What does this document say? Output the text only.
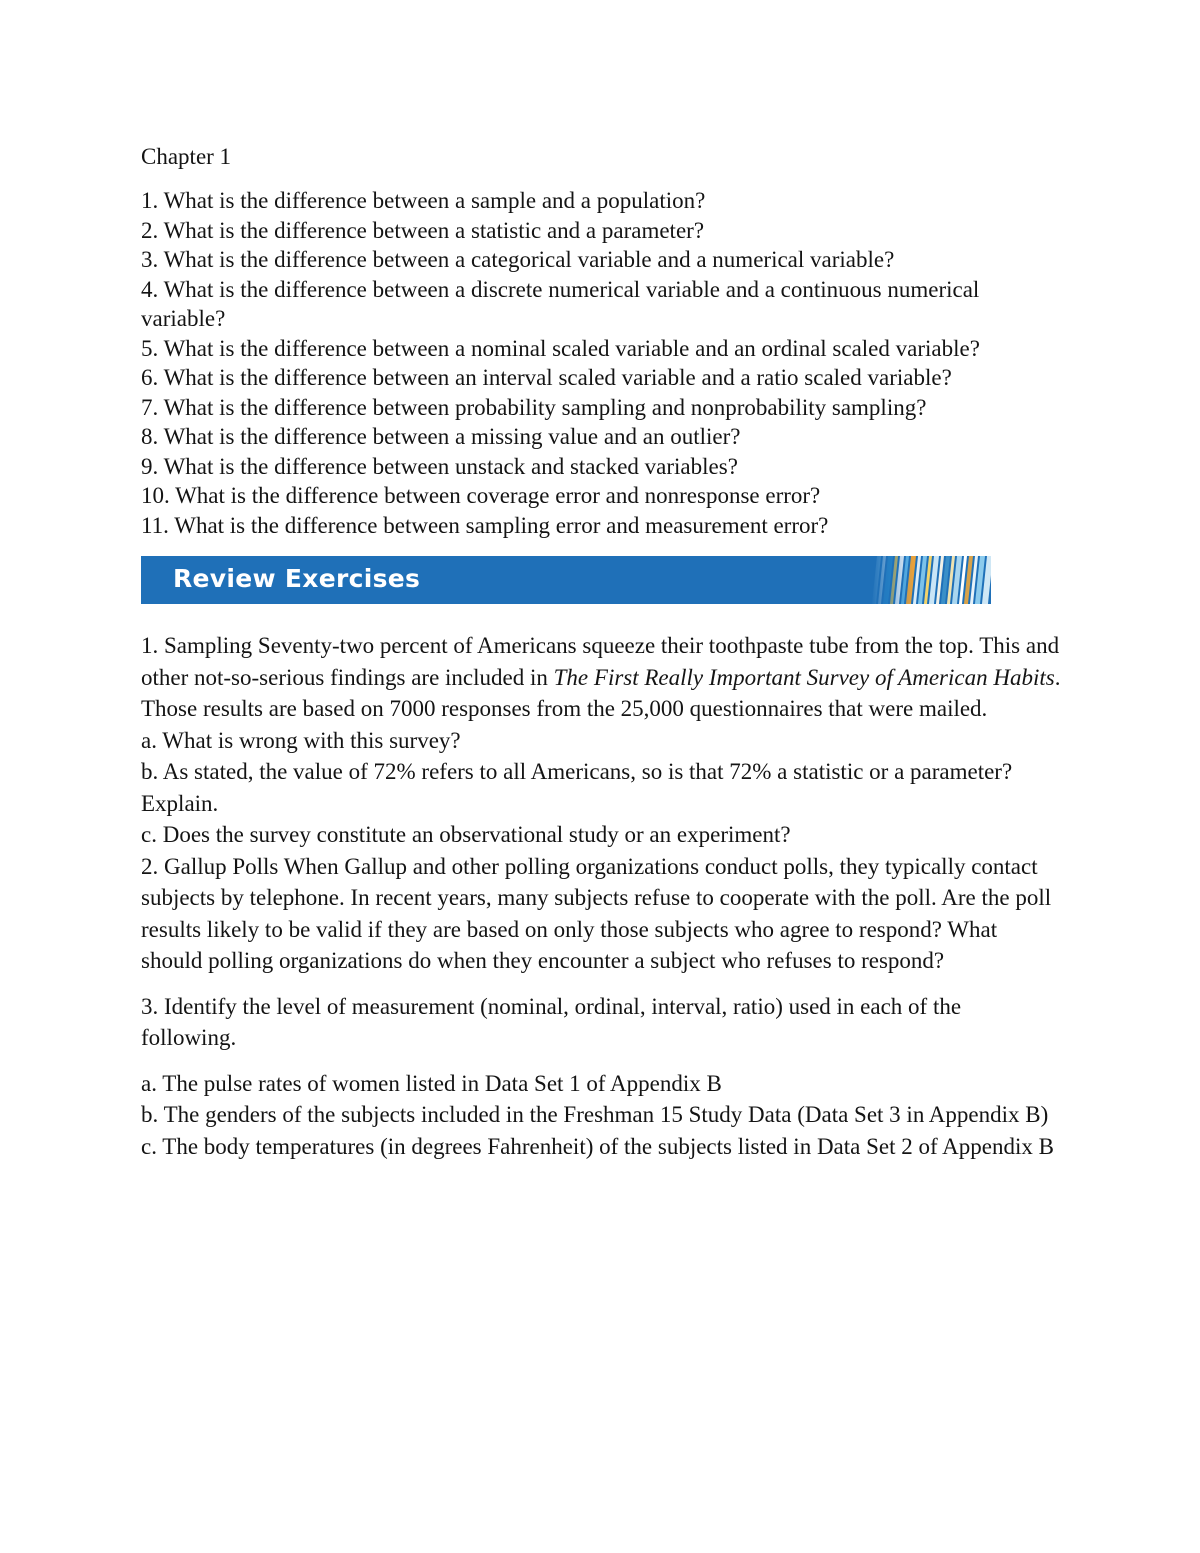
Chapter 1

1. What is the difference between a sample and a population?

2. What is the difference between a statistic and a parameter?

3. What is the difference between a categorical variable and a numerical variable?

4. What is the difference between a discrete numerical variable and a continuous numerical variable?

5. What is the difference between a nominal scaled variable and an ordinal scaled variable?

6. What is the difference between an interval scaled variable and a ratio scaled variable?

7. What is the difference between probability sampling and nonprobability sampling?

8. What is the difference between a missing value and an outlier?

9. What is the difference between unstack and stacked variables?

10. What is the difference between coverage error and nonresponse error?

11. What is the difference between sampling error and measurement error?

Review Exercises

1. Sampling Seventy-two percent of Americans squeeze their toothpaste tube from the top. This and other not-so-serious findings are included in The First Really Important Survey of American Habits. Those results are based on 7000 responses from the 25,000 questionnaires that were mailed.

a. What is wrong with this survey?

b. As stated, the value of 72% refers to all Americans, so is that 72% a statistic or a parameter?

Explain.

c. Does the survey constitute an observational study or an experiment?

2. Gallup Polls When Gallup and other polling organizations conduct polls, they typically contact subjects by telephone. In recent years, many subjects refuse to cooperate with the poll. Are the poll results likely to be valid if they are based on only those subjects who agree to respond? What should polling organizations do when they encounter a subject who refuses to respond?

3. Identify the level of measurement (nominal, ordinal, interval, ratio) used in each of the following.

a. The pulse rates of women listed in Data Set 1 of Appendix B

b. The genders of the subjects included in the Freshman 15 Study Data (Data Set 3 in Appendix B)

c. The body temperatures (in degrees Fahrenheit) of the subjects listed in Data Set 2 of Appendix B
